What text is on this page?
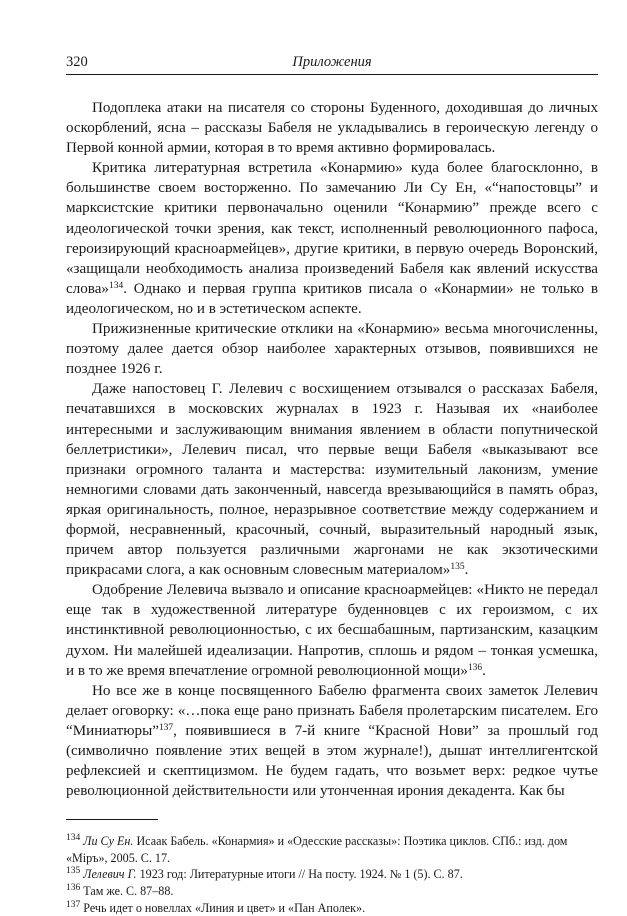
320	Приложения

Подоплека атаки на писателя со стороны Буденного, доходившая до личных оскорблений, ясна – рассказы Бабеля не укладывались в героическую легенду о Первой конной армии, которая в то время активно формировалась.

Критика литературная встретила «Конармию» куда более благосклонно, в большинстве своем восторженно. По замечанию Ли Су Ен, «“напостовцы” и марксистские критики первоначально оценили “Конармию” прежде всего с идеологической точки зрения, как текст, исполненный революционного пафоса, героизирующий красноармейцев», другие критики, в первую очередь Воронский, «защищали необходимость анализа произведений Бабеля как явлений искусства слова»$^{134}$. Однако и первая группа критиков писала о «Конармии» не только в идеологическом, но и в эстетическом аспекте.

Прижизненные критические отклики на «Конармию» весьма многочисленны, поэтому далее дается обзор наиболее характерных отзывов, появившихся не позднее 1926 г.

Даже напостовец Г. Лелевич с восхищением отзывался о рассказах Бабеля, печатавшихся в московских журналах в 1923 г. Называя их «наиболее интересными и заслуживающим внимания явлением в области попутнической беллетристики», Лелевич писал, что первые вещи Бабеля «выказывают все признаки огромного таланта и мастерства: изумительный лаконизм, умение немногими словами дать законченный, навсегда врезывающийся в память образ, яркая оригинальность, полное, неразрывное соответствие между содержанием и формой, несравненный, красочный, сочный, выразительный народный язык, причем автор пользуется различными жаргонами не как экзотическими прикрасами слога, а как основным словесным материалом»$^{135}$.

Одобрение Лелевича вызвало и описание красноармейцев: «Никто не передал еще так в художественной литературе буденновцев с их героизмом, с их инстинктивной революционностью, с их бесшабашным, партизанским, казацким духом. Ни малейшей идеализации. Напротив, сплошь и рядом – тонкая усмешка, и в то же время впечатление огромной революционной мощи»$^{136}$.

Но все же в конце посвященного Бабелю фрагмента своих заметок Лелевич делает оговорку: «…пока еще рано признать Бабеля пролетарским писателем. Его “Миниатюры”$^{137}$, появившиеся в 7-й книге “Красной Нови” за прошлый год (символично появление этих вещей в этом журнале!), дышат интеллигентской рефлексией и скептицизмом. Не будем гадать, что возьмет верх: редкое чутье революционной действительности или утонченная ирония декадента. Как бы

$^{134}$ Ли Су Ен. Исаак Бабель. «Конармия» и «Одесские рассказы»: Поэтика циклов. СПб.: изд. дом «Міръ», 2005. С. 17.
$^{135}$ Лелевич Г. 1923 год: Литературные итоги // На посту. 1924. № 1 (5). С. 87.
$^{136}$ Там же. С. 87–88.
$^{137}$ Речь идет о новеллах «Линия и цвет» и «Пан Аполек».
